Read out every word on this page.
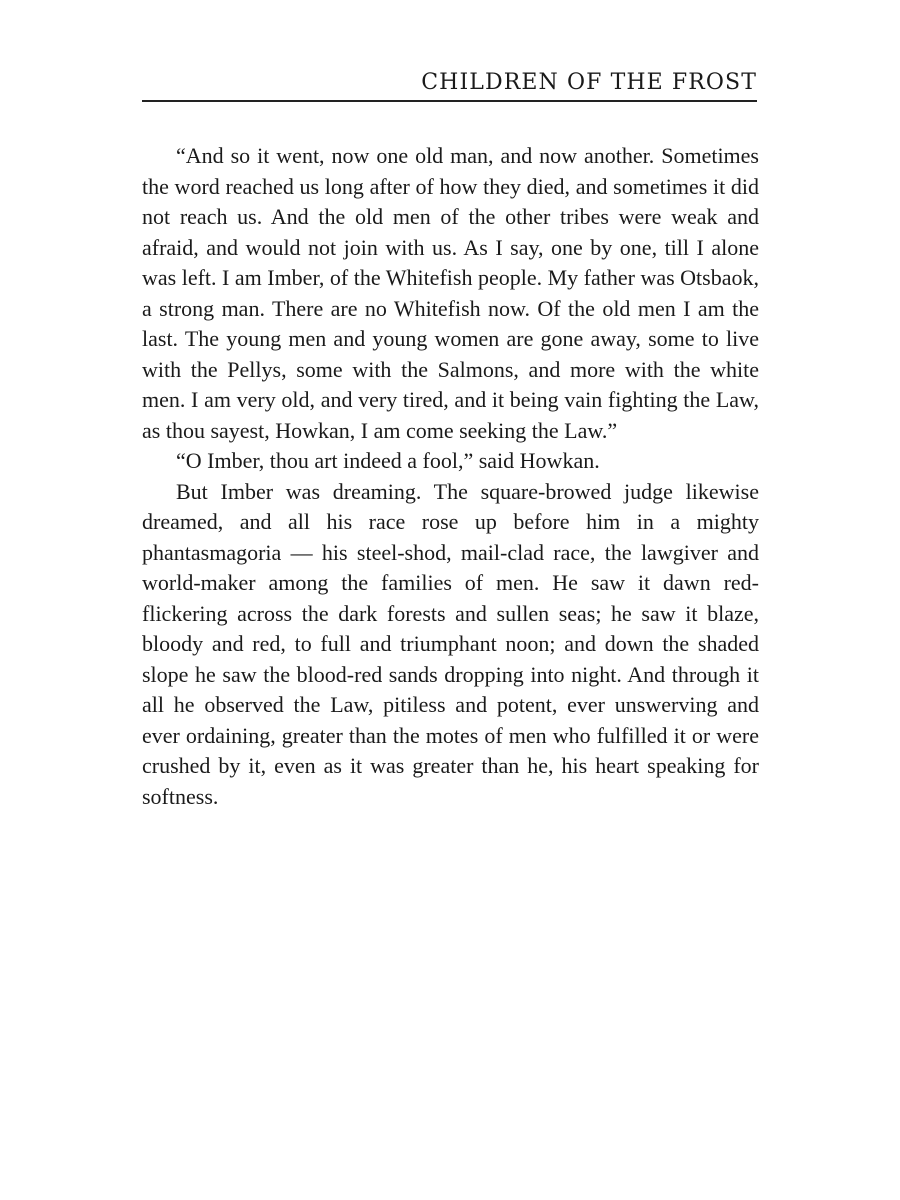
CHILDREN OF THE FROST

“And so it went, now one old man, and now another. Sometimes the word reached us long after of how they died, and sometimes it did not reach us. And the old men of the other tribes were weak and afraid, and would not join with us. As I say, one by one, till I alone was left. I am Imber, of the Whitefish people. My father was Otsbaok, a strong man. There are no Whitefish now. Of the old men I am the last. The young men and young women are gone away, some to live with the Pellys, some with the Salmons, and more with the white men. I am very old, and very tired, and it being vain fighting the Law, as thou sayest, Howkan, I am come seeking the Law.”

“O Imber, thou art indeed a fool,” said Howkan.

But Imber was dreaming. The square-browed judge likewise dreamed, and all his race rose up before him in a mighty phantasmagoria — his steel-shod, mail-clad race, the lawgiver and world-maker among the families of men. He saw it dawn red-flickering across the dark forests and sullen seas; he saw it blaze, bloody and red, to full and triumphant noon; and down the shaded slope he saw the blood-red sands dropping into night. And through it all he observed the Law, pitiless and potent, ever unswerving and ever ordaining, greater than the motes of men who fulfilled it or were crushed by it, even as it was greater than he, his heart speaking for softness.
